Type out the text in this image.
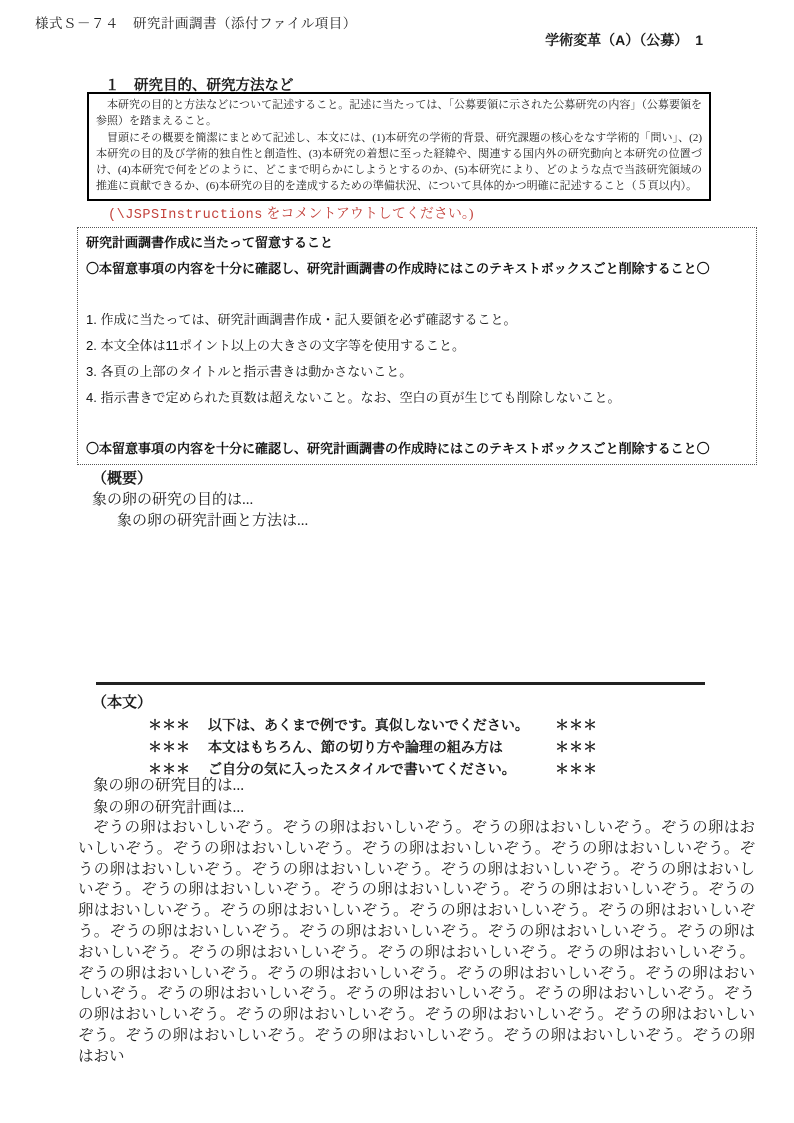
様式Ｓ－７４　研究計画調書（添付ファイル項目）
学術変革（A）（公募）　1
１　研究目的、研究方法など

本研究の目的と方法などについて記述すること。記述に当たっては、「公募要領に示された公募研究の内容」（公募要領を参照）を踏まえること。

冒頭にその概要を簡潔にまとめて記述し、本文には、(1)本研究の学術的背景、研究課題の核心をなす学術的「問い」、(2)本研究の目的及び学術的独自性と創造性、(3)本研究の着想に至った経緯や、関連する国内外の研究動向と本研究の位置づけ、(4)本研究で何をどのように、どこまで明らかにしようとするのか、(5)本研究により、どのような点で当該研究領域の推進に貢献できるか、(6)本研究の目的を達成するための準備状況、について具体的かつ明確に記述すること（５頁以内）。

(\JSPSInstructions をコメントアウトしてください。)
研究計画調書作成に当たって留意すること
〇本留意事項の内容を十分に確認し、研究計画調書の作成時にはこのテキストボックスごと削除すること〇
1. 作成に当たっては、研究計画調書作成・記入要領を必ず確認すること。
2. 本文全体は11ポイント以上の大きさの文字等を使用すること。
3. 各頁の上部のタイトルと指示書きは動かさないこと。
4. 指示書きで定められた頁数は超えないこと。なお、空白の頁が生じても削除しないこと。
〇本留意事項の内容を十分に確認し、研究計画調書の作成時にはこのテキストボックスごと削除すること〇
（概要）
象の卵の研究の目的は...
象の卵の研究計画と方法は...
（本文）
＊＊＊ 以下は、あくまで例です。真似しないでください。	＊＊＊
＊＊＊ 本文はもちろん、節の切り方や論理の組み方は	＊＊＊
＊＊＊ ご自分の気に入ったスタイルで書いてください。	＊＊＊
象の卵の研究目的は...
象の卵の研究計画は...
ぞうの卵はおいしいぞう。ぞうの卵はおいしいぞう。ぞうの卵はおいしいぞう。ぞうの卵はおいしいぞう。ぞうの卵はおいしいぞう。ぞうの卵はおいしいぞう。ぞうの卵はおいしいぞう。ぞうの卵はおいしいぞう。ぞうの卵はおいしいぞう。ぞうの卵はおいしいぞう。ぞうの卵はおいしいぞう。ぞうの卵はおいしいぞう。ぞうの卵はおいしいぞう。ぞうの卵はおいしいぞう。ぞうの卵はおいしいぞう。ぞうの卵はおいしいぞう。ぞうの卵はおいしいぞう。ぞうの卵はおいしいぞう。ぞうの卵はおいしいぞう。ぞうの卵はおいしいぞう。ぞうの卵はおいしいぞう。ぞうの卵はおいしいぞう。ぞうの卵はおいしいぞう。ぞうの卵はおいしいぞう。ぞうの卵はおいしいぞう。ぞうの卵はおいしいぞう。ぞうの卵はおいしいぞう。ぞうの卵はおいしいぞう。ぞうの卵はおいしいぞう。ぞうの卵はおいしいぞう。ぞうの卵はおいしいぞう。ぞうの卵はおいしいぞう。ぞうの卵はおいしいぞう。ぞうの卵はおいしいぞう。ぞうの卵はおいしいぞう。ぞうの卵はおいしいぞう。ぞうの卵はおいしいぞう。ぞうの卵はおいしいぞう。ぞうの卵はおいしいぞう。ぞうの卵はおい
